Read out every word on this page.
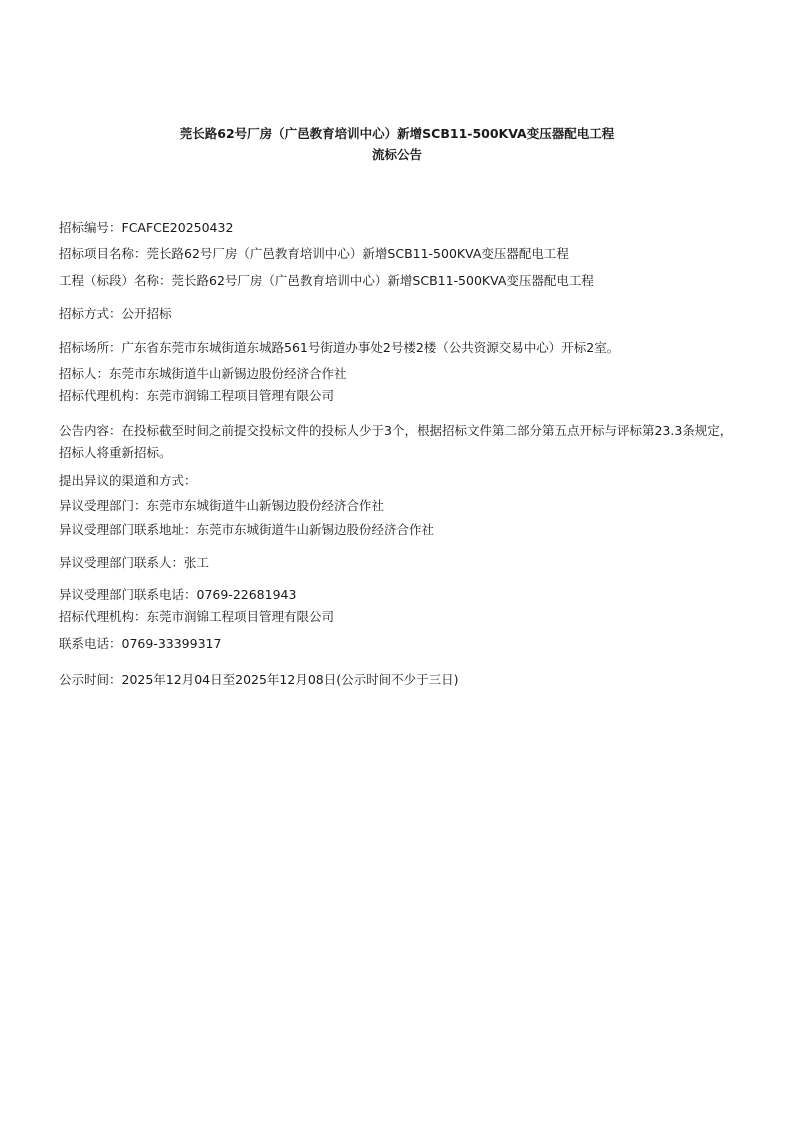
莞长路62号厂房（广邑教育培训中心）新增SCB11-500KVA变压器配电工程
流标公告
招标编号：FCAFCE20250432
招标项目名称：莞长路62号厂房（广邑教育培训中心）新增SCB11-500KVA变压器配电工程
工程（标段）名称：莞长路62号厂房（广邑教育培训中心）新增SCB11-500KVA变压器配电工程
招标方式：公开招标
招标场所：广东省东莞市东城街道东城路561号街道办事处2号楼2楼（公共资源交易中心）开标2室。
招标人：东莞市东城街道牛山新锡边股份经济合作社
招标代理机构：东莞市润锦工程项目管理有限公司
公告内容：在投标截至时间之前提交投标文件的投标人少于3个，根据招标文件第二部分第五点开标与评标第23.3条规定，招标人将重新招标。
提出异议的渠道和方式：
异议受理部门：东莞市东城街道牛山新锡边股份经济合作社
异议受理部门联系地址：东莞市东城街道牛山新锡边股份经济合作社
异议受理部门联系人：张工
异议受理部门联系电话：0769-22681943
招标代理机构：东莞市润锦工程项目管理有限公司
联系电话：0769-33399317
公示时间：2025年12月04日至2025年12月08日(公示时间不少于三日)
